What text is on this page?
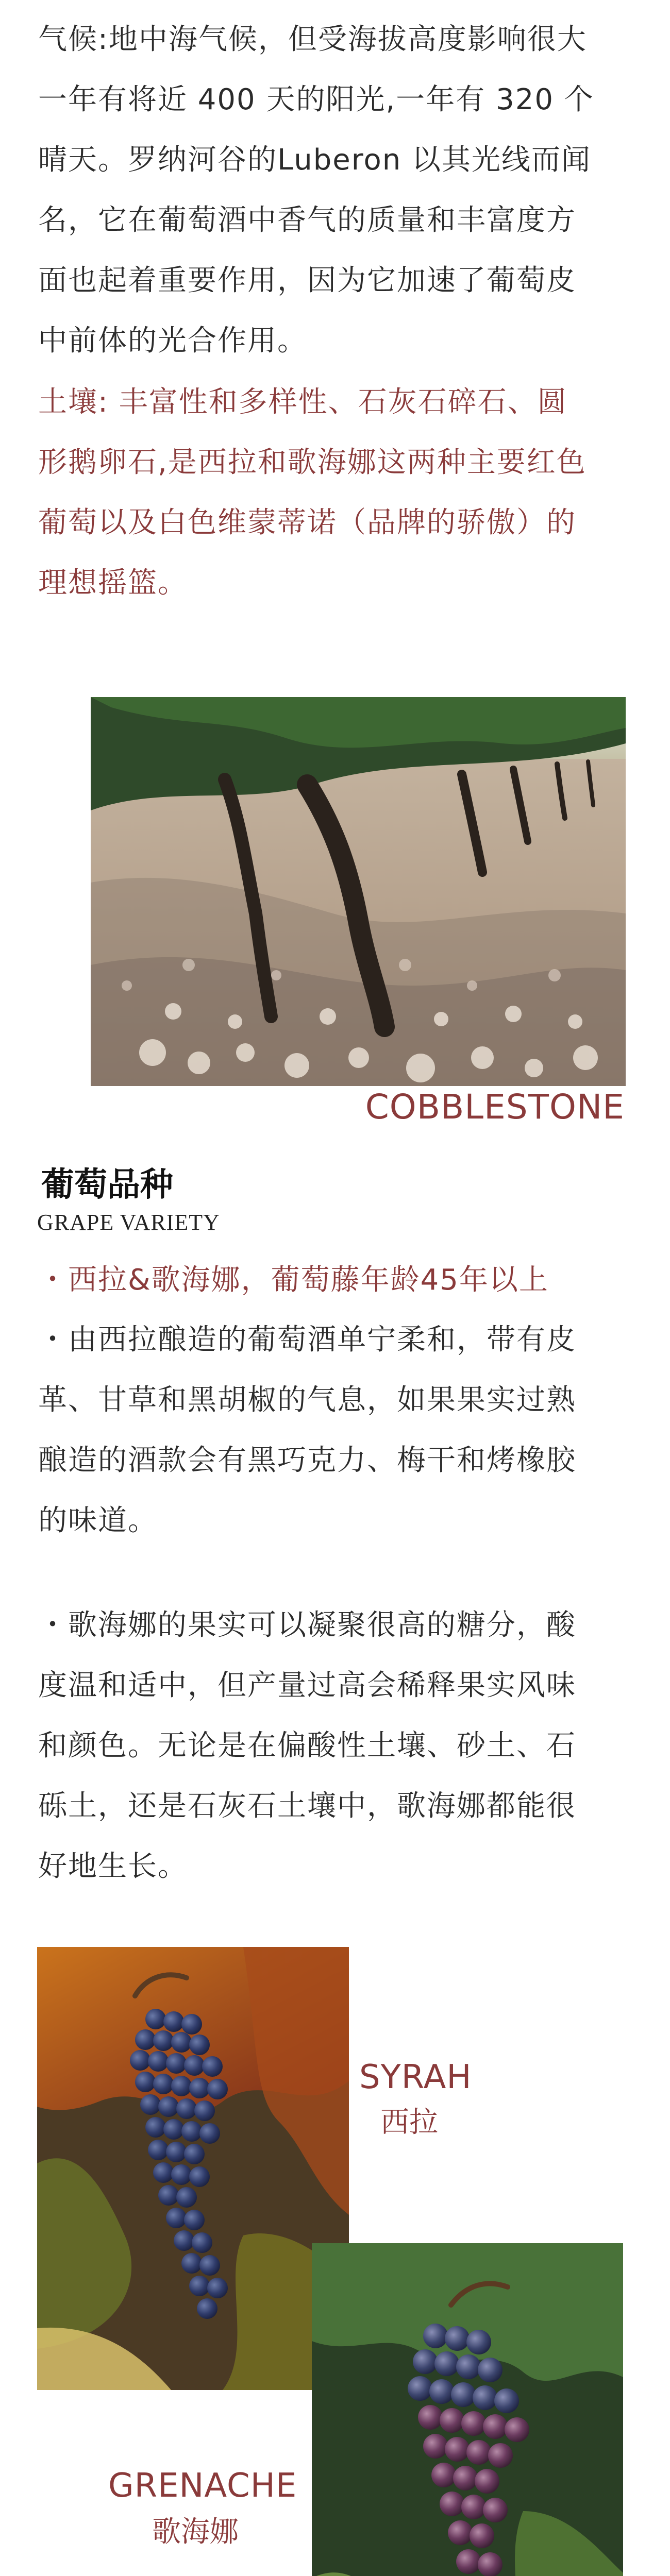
气候:地中海气候，但受海拔高度影响很大
一年有将近 400 天的阳光,一年有 320 个
晴天。罗纳河谷的Luberon 以其光线而闻
名，它在葡萄酒中香气的质量和丰富度方
面也起着重要作用，因为它加速了葡萄皮
中前体的光合作用。

土壤: 丰富性和多样性、石灰石碎石、圆
形鹅卵石,是西拉和歌海娜这两种主要红色
葡萄以及白色维蒙蒂诺（品牌的骄傲）的
理想摇篮。

COBBLESTONE
葡萄品种
GRAPE VARIETY

・西拉&歌海娜，葡萄藤年龄45年以上

・由西拉酿造的葡萄酒单宁柔和，带有皮
革、甘草和黑胡椒的气息，如果果实过熟
酿造的酒款会有黑巧克力、梅干和烤橡胶
的味道。

・歌海娜的果实可以凝聚很高的糖分，酸
度温和适中，但产量过高会稀释果实风味
和颜色。无论是在偏酸性土壤、砂土、石
砾土，还是石灰石土壤中，歌海娜都能很
好地生长。

SYRAH
西拉
GRENACHE
歌海娜
